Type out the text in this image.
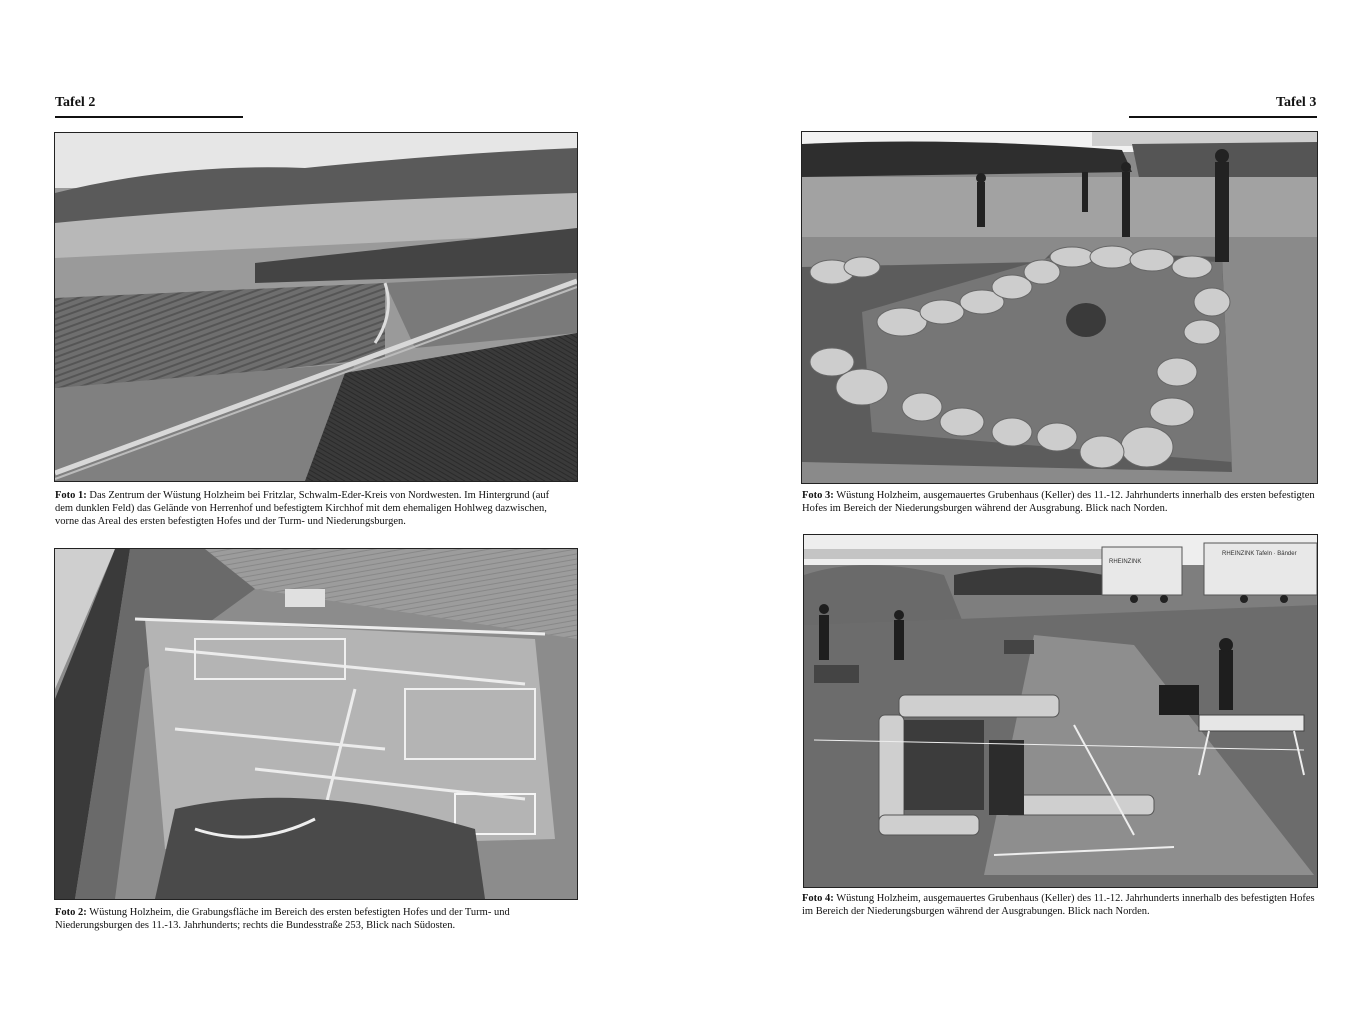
Tafel 2
Foto 1: Das Zentrum der Wüstung Holzheim bei Fritzlar, Schwalm-Eder-Kreis von Nordwesten. Im Hintergrund (auf dem dunklen Feld) das Gelände von Herrenhof und befestigtem Kirchhof mit dem ehemaligen Hohlweg dazwischen, vorne das Areal des ersten befestigten Hofes und der Turm- und Niederungsburgen.
Foto 2: Wüstung Holzheim, die Grabungsfläche im Bereich des ersten befestigten Hofes und der Turm- und Niederungsburgen des 11.-13. Jahrhunderts; rechts die Bundesstraße 253, Blick nach Südosten.
Tafel 3
Foto 3: Wüstung Holzheim, ausgemauertes Grubenhaus (Keller) des 11.-12. Jahrhunderts innerhalb des ersten befestigten Hofes im Bereich der Niederungsburgen während der Ausgrabung. Blick nach Norden.
RHEINZINK
RHEINZINK Tafeln · Bänder
Foto 4: Wüstung Holzheim, ausgemauertes Grubenhaus (Keller) des 11.-12. Jahrhunderts innerhalb des befestigten Hofes im Bereich der Niederungsburgen während der Ausgrabungen. Blick nach Norden.
